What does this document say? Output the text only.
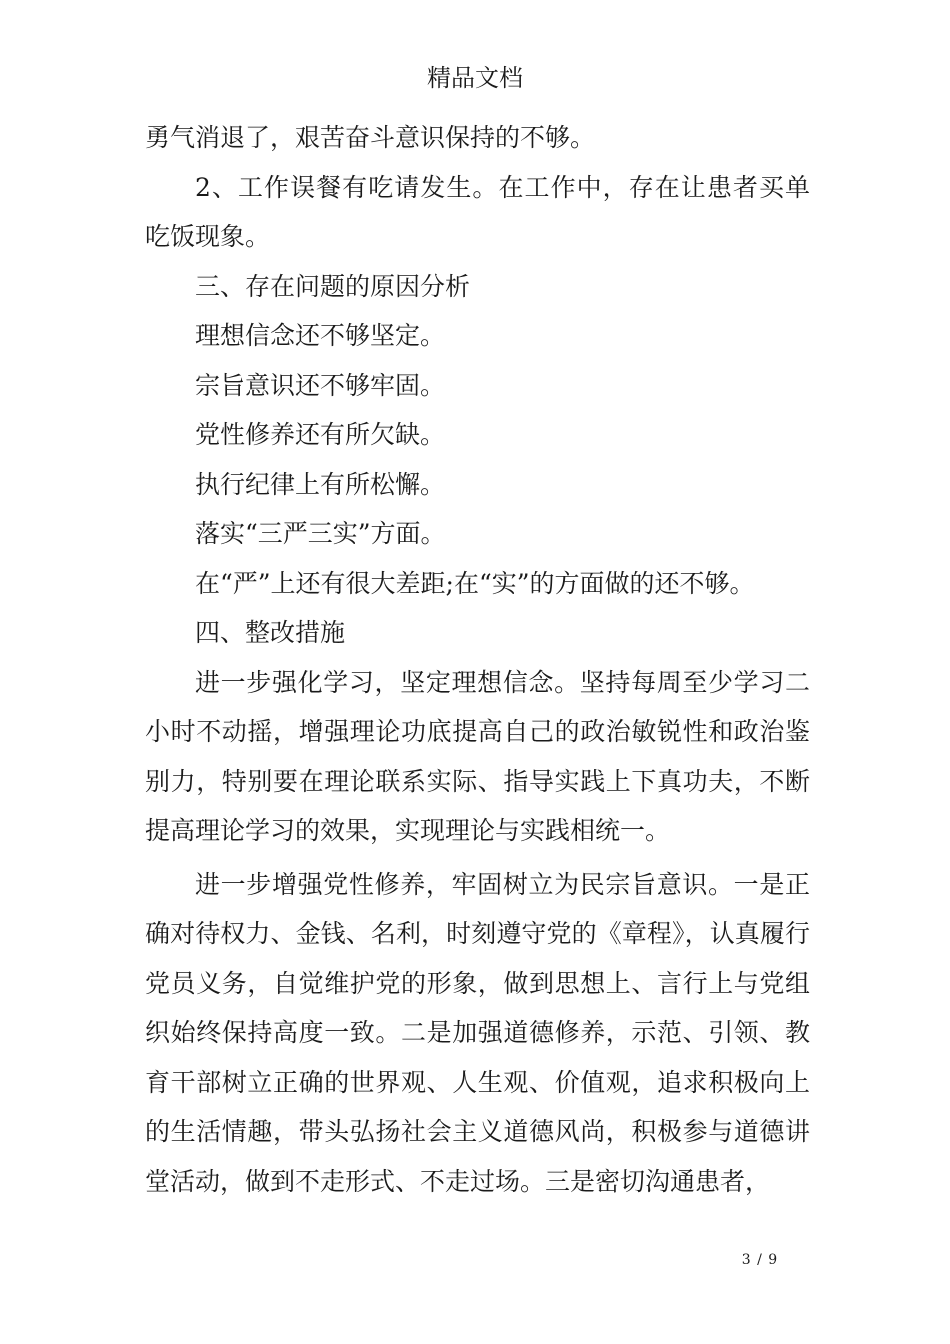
精品文档

勇气消退了，艰苦奋斗意识保持的不够。

2、工作误餐有吃请发生。在工作中，存在让患者买单吃饭现象。

三、存在问题的原因分析

理想信念还不够坚定。

宗旨意识还不够牢固。

党性修养还有所欠缺。

执行纪律上有所松懈。

落实“三严三实”方面。

在“严”上还有很大差距;在“实”的方面做的还不够。

四、整改措施

进一步强化学习，坚定理想信念。坚持每周至少学习二小时不动摇，增强理论功底提高自己的政治敏锐性和政治鉴别力，特别要在理论联系实际、指导实践上下真功夫，不断提高理论学习的效果，实现理论与实践相统一。

进一步增强党性修养，牢固树立为民宗旨意识。一是正确对待权力、金钱、名利，时刻遵守党的《章程》，认真履行党员义务，自觉维护党的形象，做到思想上、言行上与党组织始终保持高度一致。二是加强道德修养，示范、引领、教育干部树立正确的世界观、人生观、价值观，追求积极向上的生活情趣，带头弘扬社会主义道德风尚，积极参与道德讲堂活动，做到不走形式、不走过场。三是密切沟通患者，

3 / 9
